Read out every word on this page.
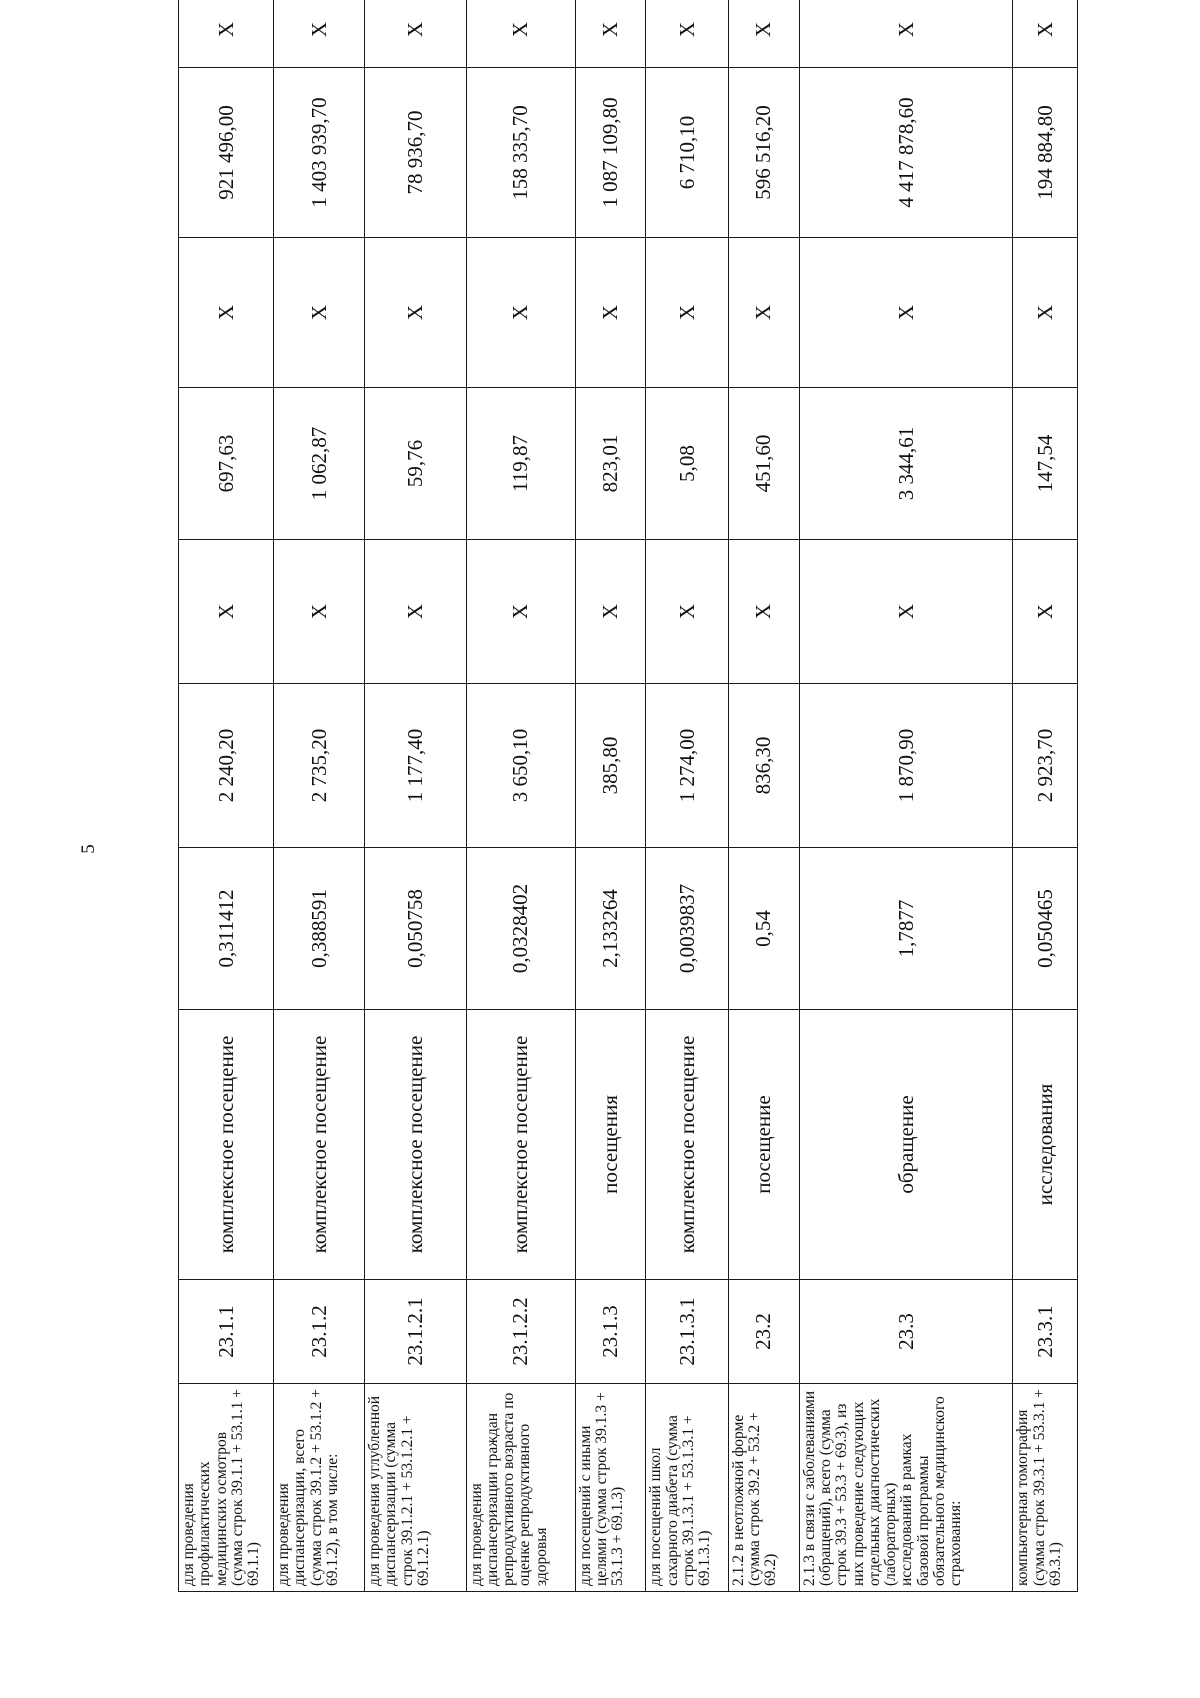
5
для проведения профилактических медицинских осмотров (сумма строк 39.1.1 + 53.1.1 + 69.1.1)	23.1.1	комплексное посещение	0,311412	2 240,20	X	697,63	X	921 496,00	X
для проведения диспансеризации, всего (сумма строк 39.1.2 + 53.1.2 + 69.1.2), в том числе:	23.1.2	комплексное посещение	0,388591	2 735,20	X	1 062,87	X	1 403 939,70	X
для проведения углубленной диспансеризации (сумма строк 39.1.2.1 + 53.1.2.1 + 69.1.2.1)	23.1.2.1	комплексное посещение	0,050758	1 177,40	X	59,76	X	78 936,70	X
для проведения диспансеризации граждан репродуктивного возраста по оценке репродуктивного здоровья	23.1.2.2	комплексное посещение	0,0328402	3 650,10	X	119,87	X	158 335,70	X
для посещений с иными целями (сумма строк 39.1.3 + 53.1.3 + 69.1.3)	23.1.3	посещения	2,133264	385,80	X	823,01	X	1 087 109,80	X
для посещений школ сахарного диабета (сумма строк 39.1.3.1 + 53.1.3.1 + 69.1.3.1)	23.1.3.1	комплексное посещение	0,0039837	1 274,00	X	5,08	X	6 710,10	X
2.1.2 в неотложной форме (сумма строк 39.2 + 53.2 + 69.2)	23.2	посещение	0,54	836,30	X	451,60	X	596 516,20	X
2.1.3 в связи с заболеваниями (обращений), всего (сумма строк 39.3 + 53.3 + 69.3), из них проведение следующих отдельных диагностических (лабораторных) исследований в рамках базовой программы обязательного медицинского страхования:	23.3	обращение	1,7877	1 870,90	X	3 344,61	X	4 417 878,60	X
компьютерная томография (сумма строк 39.3.1 + 53.3.1 + 69.3.1)	23.3.1	исследования	0,050465	2 923,70	X	147,54	X	194 884,80	X
